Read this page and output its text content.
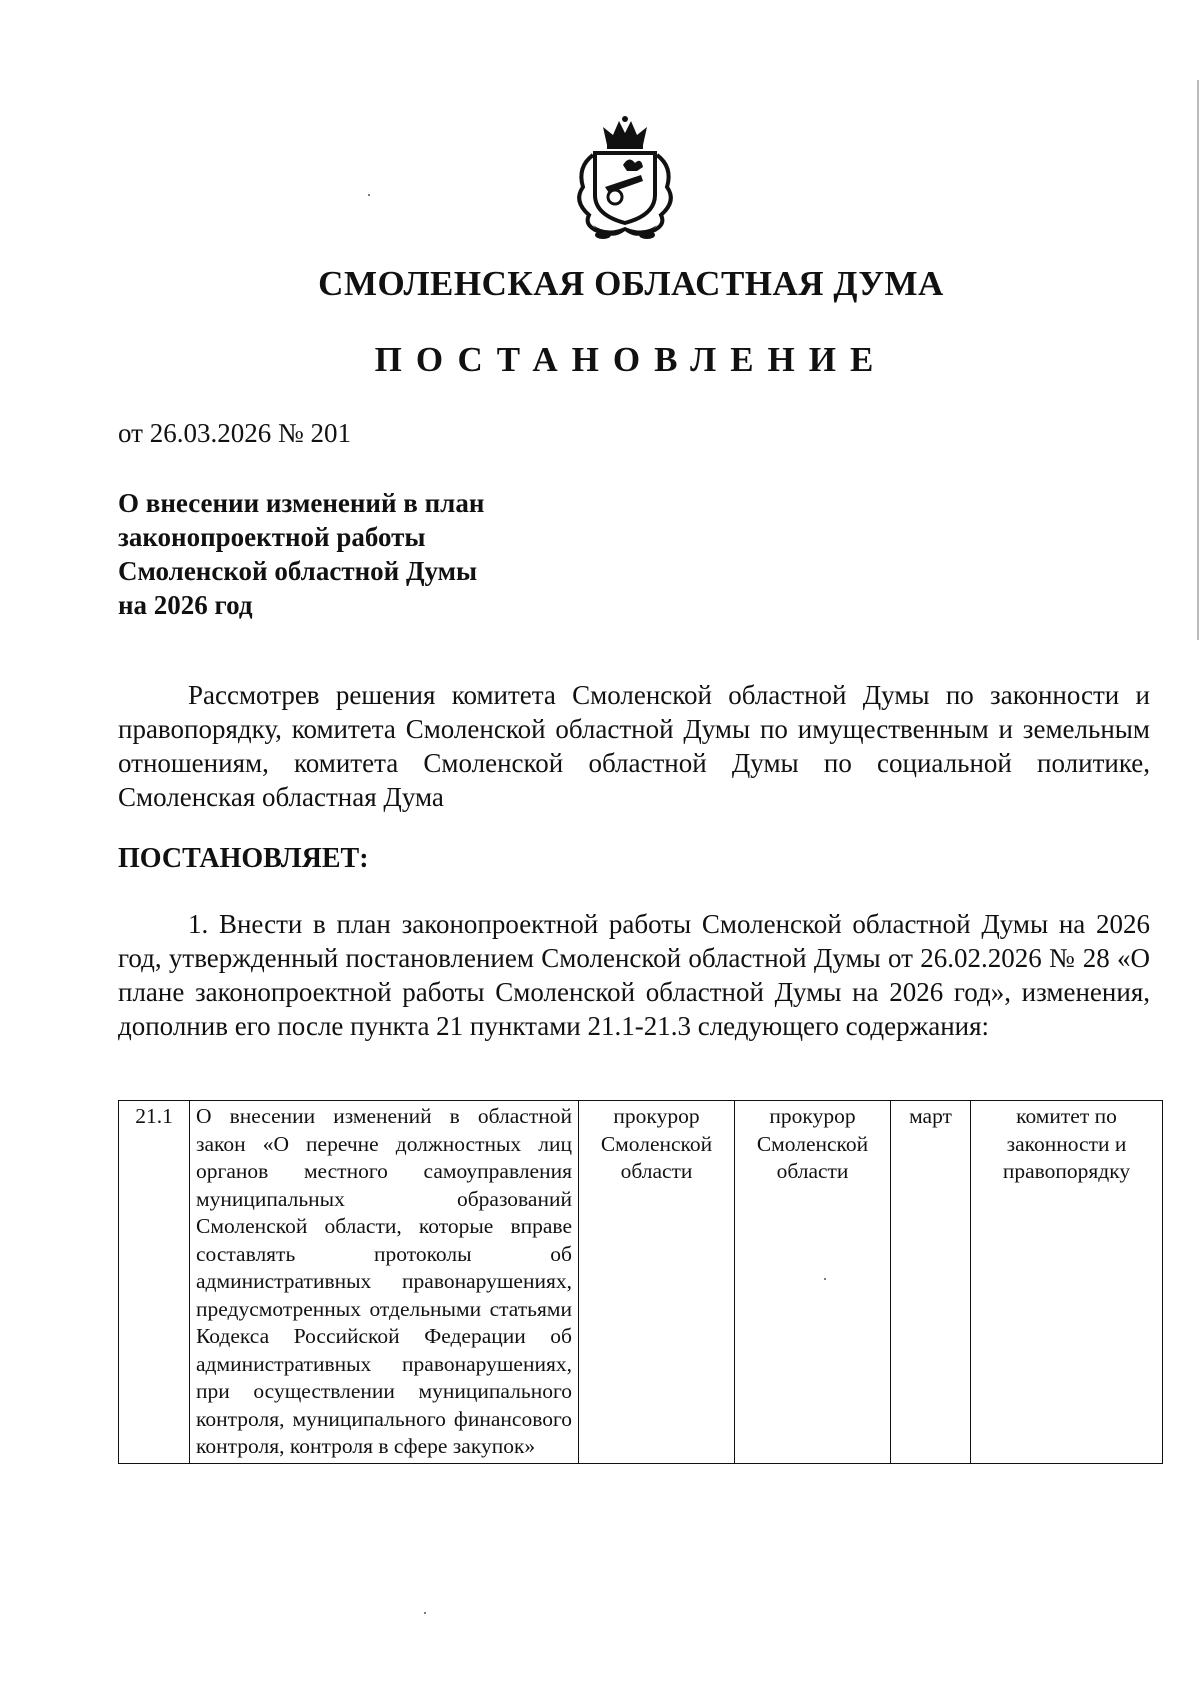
СМОЛЕНСКАЯ ОБЛАСТНАЯ ДУМА
ПОСТАНОВЛЕНИЕ
от 26.03.2026 № 201
О внесении изменений в план
законопроектной работы
Смоленской областной Думы
на 2026 год
Рассмотрев решения комитета Смоленской областной Думы по законности и правопорядку, комитета Смоленской областной Думы по имущественным и земельным отношениям, комитета Смоленской областной Думы по социальной политике, Смоленская областная Дума
ПОСТАНОВЛЯЕТ:
1. Внести в план законопроектной работы Смоленской областной Думы на 2026 год, утвержденный постановлением Смоленской областной Думы от 26.02.2026 № 28 «О плане законопроектной работы Смоленской областной Думы на 2026 год», изменения, дополнив его после пункта 21 пунктами 21.1-21.3 следующего содержания:
21.1	О внесении изменений в областной закон «О перечне должностных лиц органов местного самоуправления муниципальных образований Смоленской области, которые вправе составлять протоколы об административных правонарушениях, предусмотренных отдельными статьями Кодекса Российской Федерации об административных правонарушениях, при осуществлении муниципального контроля, муниципального финансового контроля, контроля в сфере закупок»	прокурор Смоленской области	прокурор Смоленской области	март	комитет по законности и правопорядку
